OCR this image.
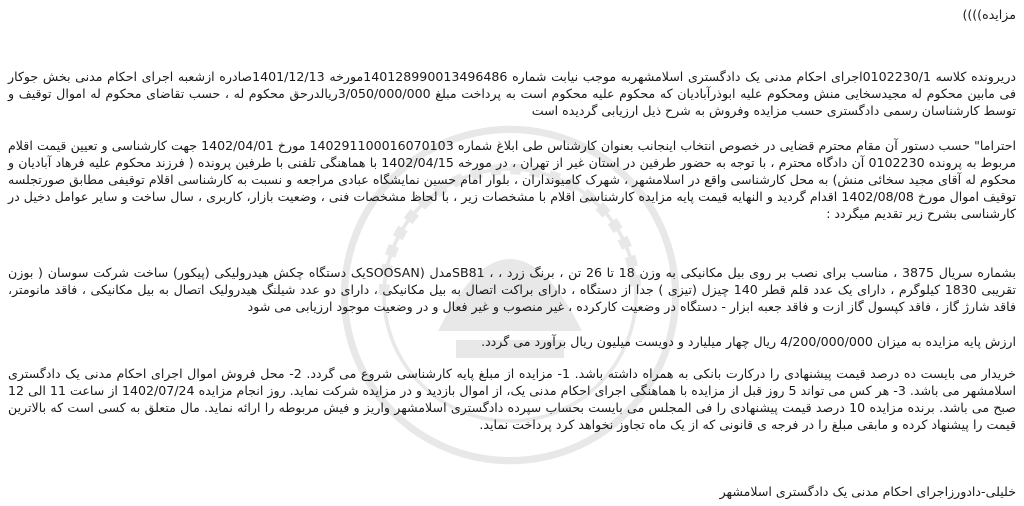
مزایده))))
دریرونده کلاسه 0102230/1اجرای احکام مدنی یک دادگستری اسلامشهربه موجب نیابت شماره 140128990013496486مورخه 1401/12/13صادره ازشعبه اجرای احکام مدنی بخش جوکار فی مابین محکوم له مجیدسخایی منش ومحکوم علیه ابوذرآبادیان که محکوم علیه محکوم است به پرداخت مبلغ 3/050/000/000ریالدرحق محکوم له ، حسب تقاضای محکوم له اموال توقیف و توسط کارشناسان رسمی دادگستری حسب مزایده وفروش به شرح ذیل ارزیابی گردیده است
احتراما" حسب دستور آن مقام محترم قضایی در خصوص انتخاب اینجانب بعنوان کارشناس طی ابلاغ شماره 140291100016070103 مورخ 1402/04/01 جهت کارشناسی و تعیین قیمت اقلام مربوط به پرونده 0102230 آن دادگاه محترم ، با توجه به حضور طرفین در استان غیر از تهران ، در مورخه 1402/04/15 با هماهنگی تلفنی با طرفین پرونده ( فرزند محکوم علیه فرهاد آبادیان و محکوم له آقای مجید سخائی منش) به محل کارشناسی واقع در اسلامشهر ، شهرک کامیونداران ، بلوار امام حسین نمایشگاه عبادی مراجعه و نسبت به کارشناسی اقلام توقیفی مطابق صورتجلسه توقیف اموال مورخ 1402/08/08 اقدام گردید و النهایه قیمت پایه مزایده کارشناسی اقلام با مشخصات زیر ، با لحاظ مشخصات فنی ، وضعیت بازار، کاربری ، سال ساخت و سایر عوامل دخیل در کارشناسی بشرح زیر تقدیم میگردد :
بشماره سریال 3875 ، مناسب برای نصب بر روی بیل مکانیکی به وزن 18 تا 26 تن ، برنگ زرد ، ، SB81مدل (SOOSANیک دستگاه چکش هیدرولیکی (پیکور) ساخت شرکت سوسان ( بوزن تقریبی 1830 کیلوگرم ، دارای یک عدد قلم قطر 140 چیزل (تیزی ) جدا از دستگاه ، دارای براکت اتصال به بیل مکانیکی ، دارای دو عدد شیلنگ هیدرولیک اتصال به بیل مکانیکی ، فاقد مانومتر، فاقد شارژ گاز ، فاقد کپسول گاز ازت و فاقد جعبه ابزار - دستگاه در وضعیت کارکرده ، غیر منصوب و غیر فعال و در وضعیت موجود ارزیابی می شود
ارزش پایه مزایده به میزان 4/200/000/000 ریال چهار میلیارد و دویست میلیون ریال برآورد می گردد.
خریدار می بایست ده درصد قیمت پیشنهادی را درکارت بانکی به همراه داشته باشد. 1- مزایده از مبلغ پایه کارشناسی شروع می گردد. 2- محل فروش اموال اجرای احکام مدنی یک دادگستری اسلامشهر می باشد. 3- هر کس می تواند 5 روز قبل از مزایده با هماهنگی اجرای احکام مدنی یک، از اموال بازدید و در مزایده شرکت نماید. روز انجام مزایده 1402/07/24 از ساعت 11 الی 12 صبح می باشد. برنده مزایده 10 درصد قیمت پیشنهادی را فی المجلس می بایست بحساب سپرده دادگستری اسلامشهر واریز و فیش مربوطه را ارائه نماید. مال متعلق به کسی است که بالاترین قیمت را پیشنهاد کرده و مابقی مبلغ را در فرجه ی قانونی که از یک ماه تجاوز نخواهد کرد پرداخت نماید.
خلیلی-دادورزاجرای احکام مدنی یک دادگستری اسلامشهر
